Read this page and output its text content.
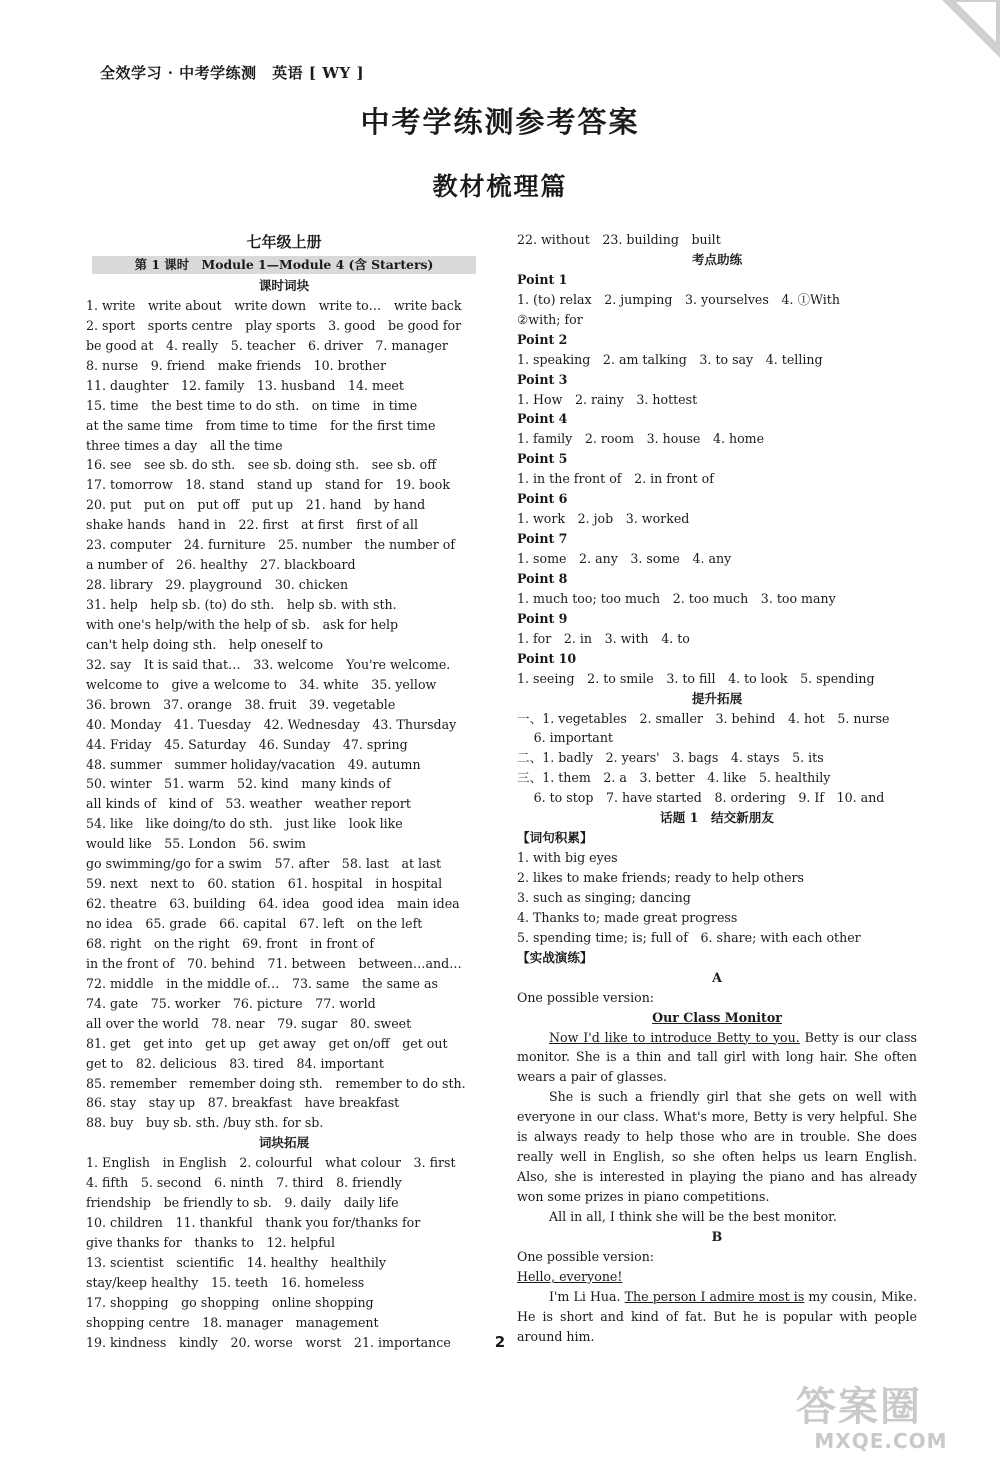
全效学习 · 中考学练测　英语 [ WY ]
中考学练测参考答案
教材梳理篇
七年级上册
第 1 课时　Module 1—Module 4 (含 Starters)
课时词块
1. write　write about　write down　write to…　write back
2. sport　sports centre　play sports　3. good　be good for
be good at　4. really　5. teacher　6. driver　7. manager
8. nurse　9. friend　make friends　10. brother
11. daughter　12. family　13. husband　14. meet
15. time　the best time to do sth.　on time　in time
at the same time　from time to time　for the first time
three times a day　all the time
16. see　see sb. do sth.　see sb. doing sth.　see sb. off
17. tomorrow　18. stand　stand up　stand for　19. book
20. put　put on　put off　put up　21. hand　by hand
shake hands　hand in　22. first　at first　first of all
23. computer　24. furniture　25. number　the number of
a number of　26. healthy　27. blackboard
28. library　29. playground　30. chicken
31. help　help sb. (to) do sth.　help sb. with sth.
with one's help/with the help of sb.　ask for help
can't help doing sth.　help oneself to
32. say　It is said that…　33. welcome　You're welcome.
welcome to　give a welcome to　34. white　35. yellow
36. brown　37. orange　38. fruit　39. vegetable
40. Monday　41. Tuesday　42. Wednesday　43. Thursday
44. Friday　45. Saturday　46. Sunday　47. spring
48. summer　summer holiday/vacation　49. autumn
50. winter　51. warm　52. kind　many kinds of
all kinds of　kind of　53. weather　weather report
54. like　like doing/to do sth.　just like　look like
would like　55. London　56. swim
go swimming/go for a swim　57. after　58. last　at last
59. next　next to　60. station　61. hospital　in hospital
62. theatre　63. building　64. idea　good idea　main idea
no idea　65. grade　66. capital　67. left　on the left
68. right　on the right　69. front　in front of
in the front of　70. behind　71. between　between…and…
72. middle　in the middle of…　73. same　the same as
74. gate　75. worker　76. picture　77. world
all over the world　78. near　79. sugar　80. sweet
81. get　get into　get up　get away　get on/off　get out
get to　82. delicious　83. tired　84. important
85. remember　remember doing sth.　remember to do sth.
86. stay　stay up　87. breakfast　have breakfast
88. buy　buy sb. sth. /buy sth. for sb.
词块拓展
1. English　in English　2. colourful　what colour　3. first
4. fifth　5. second　6. ninth　7. third　8. friendly
friendship　be friendly to sb.　9. daily　daily life
10. children　11. thankful　thank you for/thanks for
give thanks for　thanks to　12. helpful
13. scientist　scientific　14. healthy　healthily
stay/keep healthy　15. teeth　16. homeless
17. shopping　go shopping　online shopping
shopping centre　18. manager　management
19. kindness　kindly　20. worse　worst　21. importance
22. without　23. building　built
考点助练
Point 1
1. (to) relax　2. jumping　3. yourselves　4. ①With
②with; for
Point 2
1. speaking　2. am talking　3. to say　4. telling
Point 3
1. How　2. rainy　3. hottest
Point 4
1. family　2. room　3. house　4. home
Point 5
1. in the front of　2. in front of
Point 6
1. work　2. job　3. worked
Point 7
1. some　2. any　3. some　4. any
Point 8
1. much too; too much　2. too much　3. too many
Point 9
1. for　2. in　3. with　4. to
Point 10
1. seeing　2. to smile　3. to fill　4. to look　5. spending
提升拓展
一、1. vegetables　2. smaller　3. behind　4. hot　5. nurse
　 6. important
二、1. badly　2. years'　3. bags　4. stays　5. its
三、1. them　2. a　3. better　4. like　5. healthily
　 6. to stop　7. have started　8. ordering　9. If　10. and
话题 1　结交新朋友
【词句积累】
1. with big eyes
2. likes to make friends; ready to help others
3. such as singing; dancing
4. Thanks to; made great progress
5. spending time; is; full of　6. share; with each other
【实战演练】
A
One possible version:
Our Class Monitor
Now I'd like to introduce Betty to you. Betty is our class monitor. She is a thin and tall girl with long hair. She often wears a pair of glasses.
She is such a friendly girl that she gets on well with everyone in our class. What's more, Betty is very helpful. She is always ready to help those who are in trouble. She does really well in English, so she often helps us learn English. Also, she is interested in playing the piano and has already won some prizes in piano competitions.
All in all, I think she will be the best monitor.
B
One possible version:
Hello, everyone!
I'm Li Hua. The person I admire most is my cousin, Mike. He is short and kind of fat. But he is popular with people around him.
2
答案圈
MXQE.COM
